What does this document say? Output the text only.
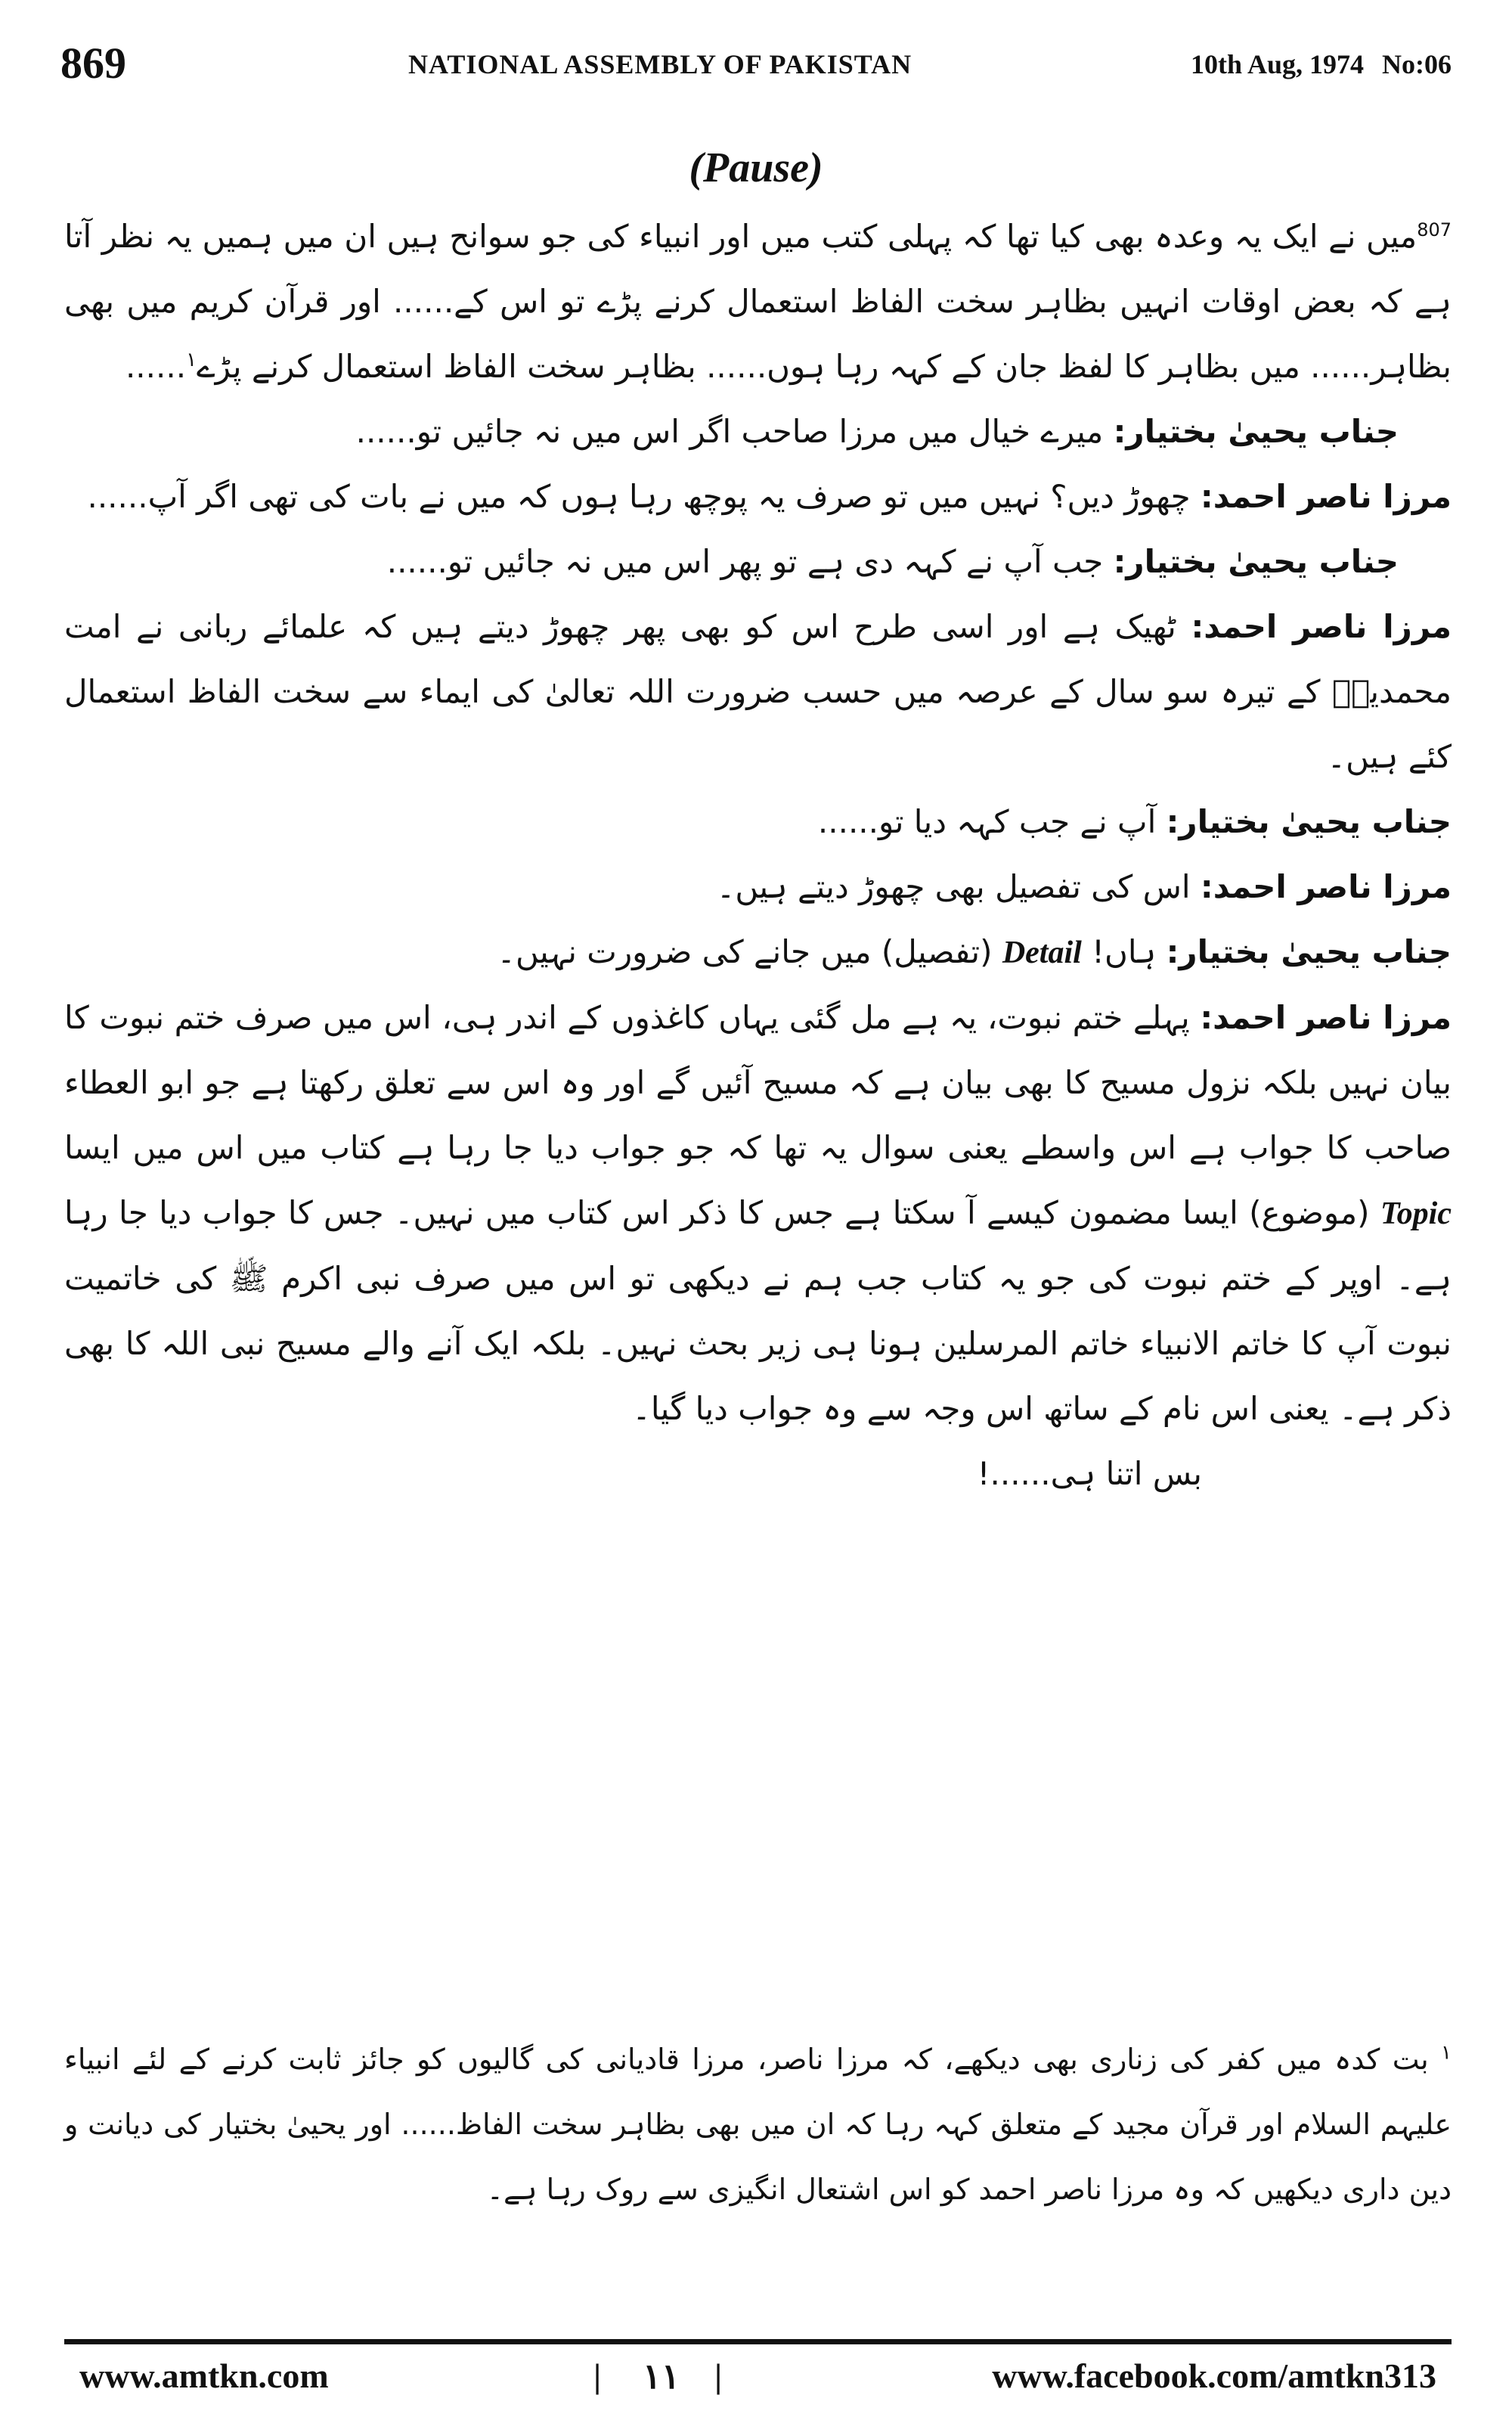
869	NATIONAL ASSEMBLY OF PAKISTAN	10th Aug, 1974 No:06
(Pause)

$^{807}$میں نے ایک یہ وعدہ بھی کیا تھا کہ پہلی کتب میں اور انبیاء کی جو سوانح ہیں ان میں ہمیں یہ نظر آتا ہے کہ بعض اوقات انہیں بظاہر سخت الفاظ استعمال کرنے پڑے تو اس کے...... اور قرآن کریم میں بھی بظاہر...... میں بظاہر کا لفظ جان کے کہہ رہا ہوں...... بظاہر سخت الفاظ استعمال کرنے پڑے$^۱$......

جناب یحییٰ بختیار: میرے خیال میں مرزا صاحب اگر اس میں نہ جائیں تو......

مرزا ناصر احمد: چھوڑ دیں؟ نہیں میں تو صرف یہ پوچھ رہا ہوں کہ میں نے بات کی تھی اگر آپ......

جناب یحییٰ بختیار: جب آپ نے کہہ دی ہے تو پھر اس میں نہ جائیں تو......

مرزا ناصر احمد: ٹھیک ہے اور اسی طرح اس کو بھی پھر چھوڑ دیتے ہیں کہ علمائے ربانی نے امت محمدیہؐ کے تیرہ سو سال کے عرصہ میں حسب ضرورت اللہ تعالیٰ کی ایماء سے سخت الفاظ استعمال کئے ہیں۔

جناب یحییٰ بختیار: آپ نے جب کہہ دیا تو......

مرزا ناصر احمد: اس کی تفصیل بھی چھوڑ دیتے ہیں۔

جناب یحییٰ بختیار: ہاں! Detail (تفصیل) میں جانے کی ضرورت نہیں۔

مرزا ناصر احمد: پہلے ختم نبوت، یہ ہے مل گئی یہاں کاغذوں کے اندر ہی، اس میں صرف ختم نبوت کا بیان نہیں بلکہ نزول مسیح کا بھی بیان ہے کہ مسیح آئیں گے اور وہ اس سے تعلق رکھتا ہے جو ابو العطاء صاحب کا جواب ہے اس واسطے یعنی سوال یہ تھا کہ جو جواب دیا جا رہا ہے کتاب میں اس میں ایسا Topic (موضوع) ایسا مضمون کیسے آ سکتا ہے جس کا ذکر اس کتاب میں نہیں۔ جس کا جواب دیا جا رہا ہے۔ اوپر کے ختم نبوت کی جو یہ کتاب جب ہم نے دیکھی تو اس میں صرف نبی اکرم ﷺ کی خاتمیت نبوت آپ کا خاتم الانبیاء خاتم المرسلین ہونا ہی زیر بحث نہیں۔ بلکہ ایک آنے والے مسیح نبی اللہ کا بھی ذکر ہے۔ یعنی اس نام کے ساتھ اس وجہ سے وہ جواب دیا گیا۔

بس اتنا ہی......!

$^۱$ بت کدہ میں کفر کی زناری بھی دیکھے، کہ مرزا ناصر، مرزا قادیانی کی گالیوں کو جائز ثابت کرنے کے لئے انبیاء علیہم السلام اور قرآن مجید کے متعلق کہہ رہا کہ ان میں بھی بظاہر سخت الفاظ...... اور یحییٰ بختیار کی دیانت و دین داری دیکھیں کہ وہ مرزا ناصر احمد کو اس اشتعال انگیزی سے روک رہا ہے۔
www.amtkn.com	| ۱۱ |	www.facebook.com/amtkn313
